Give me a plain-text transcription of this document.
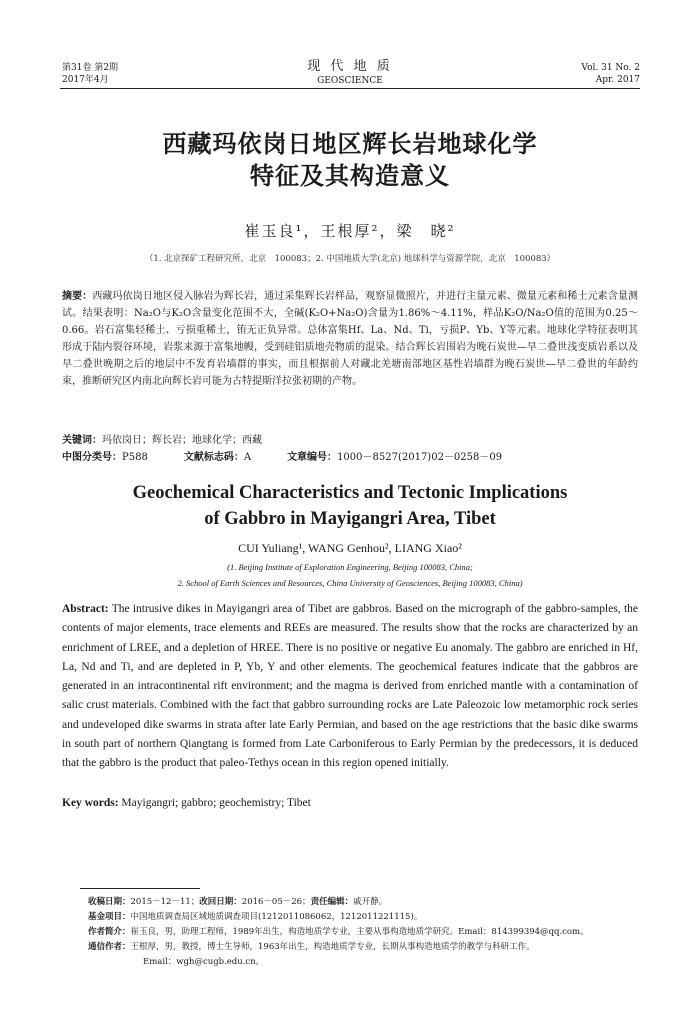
第31卷 第2期
2017年4月
现 代 地 质
GEOSCIENCE
Vol. 31 No. 2
Apr. 2017
西藏玛依岗日地区辉长岩地球化学
特征及其构造意义
崔玉良¹，王根厚²，梁　晓²
（1. 北京探矿工程研究所，北京　100083；2. 中国地质大学(北京) 地球科学与资源学院，北京　100083）
摘要：西藏玛依岗日地区侵入脉岩为辉长岩，通过采集辉长岩样品，观察显微照片，并进行主量元素、微量元素和稀土元素含量测试。结果表明：Na₂O与K₂O含量变化范围不大，全碱(K₂O+Na₂O)含量为1.86%～4.11%，样品K₂O/Na₂O值的范围为0.25～0.66。岩石富集轻稀土、亏损重稀土，铕无正负异常。总体富集Hf、La、Nd、Ti，亏损P、Yb、Y等元素。地球化学特征表明其形成于陆内裂谷环境，岩浆来源于富集地幔，受到硅铝质地壳物质的混染。结合辉长岩围岩为晚石炭世—早二叠世浅变质岩系以及早二叠世晚期之后的地层中不发育岩墙群的事实，而且根据前人对藏北羌塘南部地区基性岩墙群为晚石炭世—早二叠世的年龄约束，推断研究区内南北向辉长岩可能为古特提斯洋拉张初期的产物。
关键词：玛依岗日；辉长岩；地球化学；西藏
中图分类号：P588	文献标志码：A	文章编号：1000－8527(2017)02－0258－09
Geochemical Characteristics and Tectonic Implications
of Gabbro in Mayigangri Area, Tibet
CUI Yuliang¹, WANG Genhou², LIANG Xiao²
(1. Beijing Institute of Exploration Engineering, Beijing 100083, China;
2. School of Earth Sciences and Resources, China University of Geosciences, Beijing 100083, China)
Abstract: The intrusive dikes in Mayigangri area of Tibet are gabbros. Based on the micrograph of the gabbro-samples, the contents of major elements, trace elements and REEs are measured. The results show that the rocks are characterized by an enrichment of LREE, and a depletion of HREE. There is no positive or negative Eu anomaly. The gabbro are enriched in Hf, La, Nd and Ti, and are depleted in P, Yb, Y and other elements. The geochemical features indicate that the gabbros are generated in an intracontinental rift environment; and the magma is derived from enriched mantle with a contamination of salic crust materials. Combined with the fact that gabbro surrounding rocks are Late Paleozoic low metamorphic rock series and undeveloped dike swarms in strata after late Early Permian, and based on the age restrictions that the basic dike swarms in south part of northern Qiangtang is formed from Late Carboniferous to Early Permian by the predecessors, it is deduced that the gabbro is the product that paleo-Tethys ocean in this region opened initially.
Key words: Mayigangri; gabbro; geochemistry; Tibet
收稿日期：2015－12－11；改回日期：2016－05－26；责任编辑：戚开静。
基金项目：中国地质调查局区域地质调查项目(1212011086062，1212011221115)。
作者简介：崔玉良，男，助理工程师，1989年出生，构造地质学专业，主要从事构造地质学研究。Email：814399394@qq.com。
通信作者：王根厚，男，教授，博士生导师，1963年出生，构造地质学专业，长期从事构造地质学的教学与科研工作。
Email：wgh@cugb.edu.cn。
